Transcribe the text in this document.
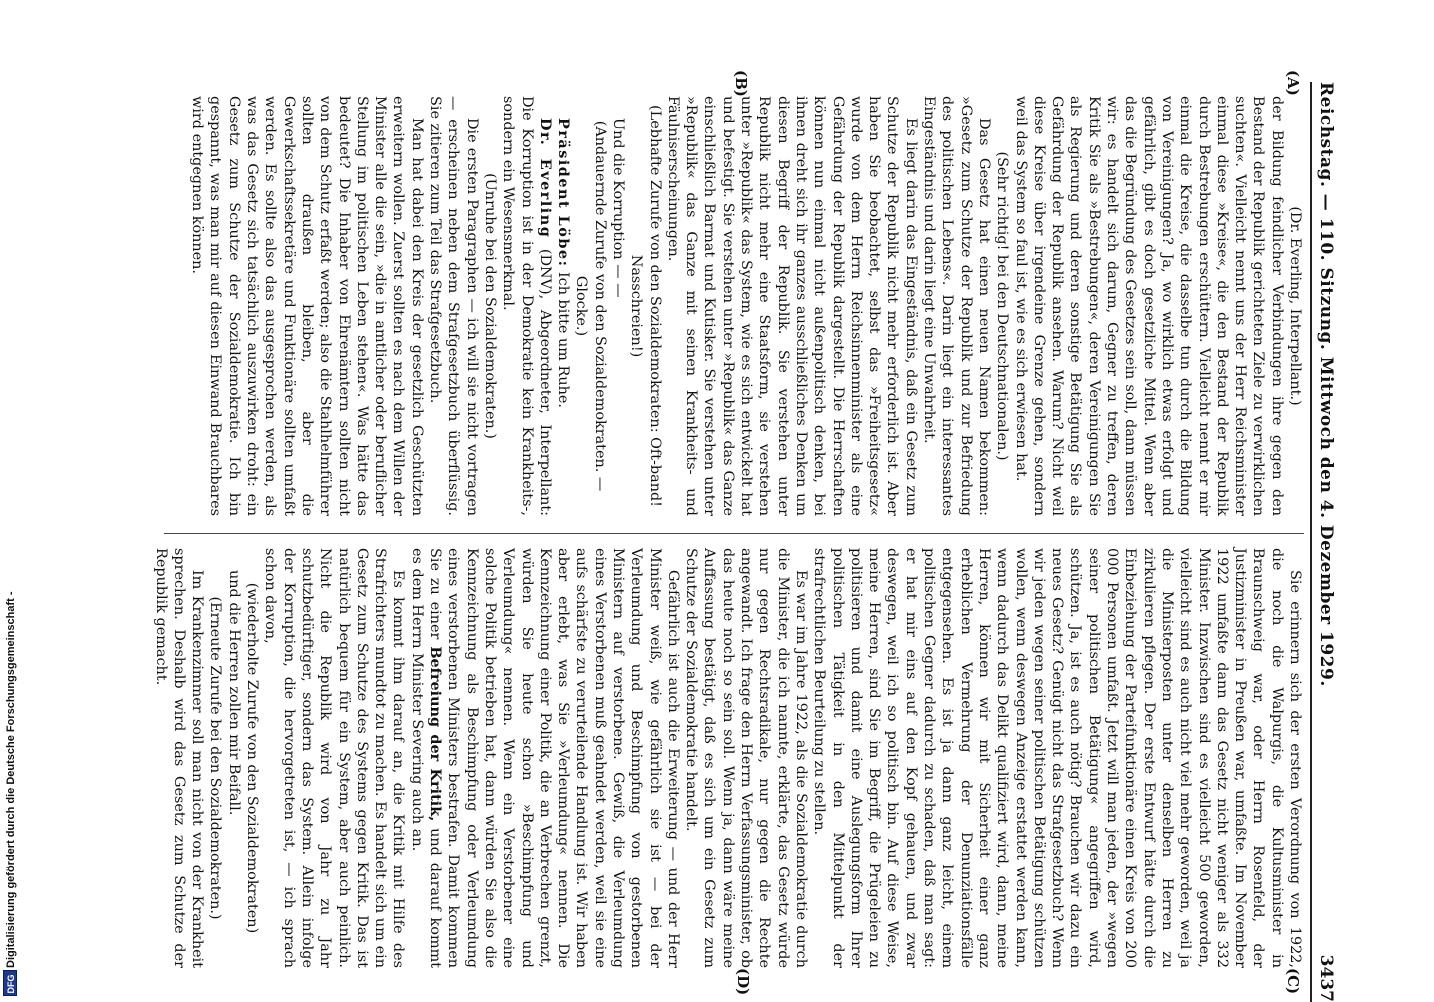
Digitalisierung gefördert durch die Deutsche Forschungsgemeinschaft -
DFG
Reichstag. — 110. Sitzung. Mittwoch den 4. Dezember 1929.
3437
(A)
(B)
(C)
(D)

(Dr. Everling, Interpellant.)

der Bildung feindlicher Verbindungen ihre gegen den Bestand der Republik gerichteten Ziele zu verwirklichen suchten«. Vielleicht nennt uns der Herr Reichsminister einmal diese »Kreise«, die den Bestand der Republik durch Bestrebungen erschüttern. Vielleicht nennt er mir einmal die Kreise, die dasselbe tun durch die Bildung von Vereinigungen? Ja, wo wirklich etwas erfolgt und gefährlich, gibt es doch gesetzliche Mittel. Wenn aber das die Begründung des Gesetzes sein soll, dann müssen wir: es handelt sich darum, Gegner zu treffen, deren Kritik Sie als »Bestrebungen«, deren Vereinigungen Sie als Regierung und deren sonstige Betätigung Sie als Gefährdung der Republik ansehen. Warum? Nicht weil diese Kreise über irgendeine Grenze gehen, sondern weil das System so faul ist, wie es sich erwiesen hat.

(Sehr richtig! bei den Deutschnationalen.)

Das Gesetz hat einen neuen Namen bekommen: »Gesetz zum Schutze der Republik und zur Befriedung des politischen Lebens«. Darin liegt ein interessantes Eingeständnis und darin liegt eine Unwahrheit.

Es liegt darin das Eingeständnis, daß ein Gesetz zum Schutze der Republik nicht mehr erforderlich ist. Aber haben Sie beobachtet, selbst das »Freiheitsgesetz« wurde von dem Herrn Reichsinnenminister als eine Gefährdung der Republik dargestellt. Die Herrschaften können nun einmal nicht außenpolitisch denken, bei ihnen dreht sich ihr ganzes ausschließliches Denken um diesen Begriff der Republik. Sie verstehen unter Republik nicht mehr eine Staatsform, sie verstehen unter »Republik« das System, wie es sich entwickelt hat und befestigt. Sie verstehen unter »Republik« das Ganze einschließlich Barmat und Kutisker. Sie verstehen unter »Republik« das Ganze mit seinen Krankheits- und Fäulniserscheinungen.

(Lebhafte Zurufe von den Sozialdemokraten: Oft-band! Nasschreien!)

Und die Korruption — —

(Andauernde Zurufe von den Sozialdemokraten. — Glocke.)

Präsident Löbe: Ich bitte um Ruhe.

Dr. Everling (DNV), Abgeordneter, Interpellant: Die Korruption ist in der Demokratie kein Krankheits-, sondern ein Wesensmerkmal.

(Unruhe bei den Sozialdemokraten.)

Die ersten Paragraphen — ich will sie nicht vortragen — erscheinen neben dem Strafgesetzbuch überflüssig. Sie zitieren zum Teil das Strafgesetzbuch.

Man hat dabei den Kreis der gesetzlich Geschützten erweitern wollen. Zuerst sollten es nach dem Willen der Minister alle die sein, »die in amtlicher oder beruflicher Stellung im politischen Leben stehen«. Was hätte das bedeutet? Die Inhaber von Ehrenämtern sollten nicht von dem Schutz erfaßt werden; also die Stahlhelmführer sollten draußen bleiben, aber die Gewerkschaftssekretäre und Funktionäre sollten umfaßt werden. Es sollte also das ausgesprochen werden, als was das Gesetz sich tatsächlich auszuwirken droht: ein Gesetz zum Schutze der Sozialdemokratie. Ich bin gespannt, was man mir auf diesen Einwand Brauchbares wird entgegnen können.

Sie erinnern sich der ersten Verordnung von 1922, die noch die Walpurgis, die Kultusminister in Braunschweig war, oder Herrn Rosenfeld, der Justizminister in Preußen war, umfaßte. Im November 1922 umfaßte dann das Gesetz nicht weniger als 332 Minister. Inzwischen sind es vielleicht 500 geworden, vielleicht sind es auch nicht viel mehr geworden, weil ja die Ministerposten unter denselben Herren zu zirkulieren pflegen. Der erste Entwurf hätte durch die Einbeziehung der Parteifunktionäre einen Kreis von 200 000 Personen umfaßt. Jetzt will man jeden, der »wegen seiner politischen Betätigung« angegriffen wird, schützen. Ja, ist es auch nötig? Brauchen wir dazu ein neues Gesetz? Genügt nicht das Strafgesetzbuch? Wenn wir jeden wegen seiner politischen Betätigung schützen wollen, wenn deswegen Anzeige erstattet werden kann, wenn dadurch das Delikt qualifiziert wird, dann, meine Herren, können wir mit Sicherheit einer ganz erheblichen Vermehrung der Denunziationsfälle entgegensehen. Es ist ja dann ganz leicht, einem politischen Gegner dadurch zu schaden, daß man sagt: er hat mir eins auf den Kopf gehauen, und zwar deswegen, weil ich so politisch bin. Auf diese Weise, meine Herren, sind Sie im Begriff, die Prügeleien zu politisieren und damit eine Auslegungsform Ihrer politischen Tätigkeit in den Mittelpunkt der strafrechtlichen Beurteilung zu stellen.

Es war im Jahre 1922, als die Sozialdemokratie durch die Minister, die ich nannte, erklärte, das Gesetz würde nur gegen Rechtsradikale, nur gegen die Rechte angewandt. Ich frage den Herrn Verfassungsminister, ob das heute noch so sein soll. Wenn ja, dann wäre meine Auffassung bestätigt, daß es sich um ein Gesetz zum Schutze der Sozialdemokratie handelt.

Gefährlich ist auch die Erweiterung — und der Herr Minister weiß, wie gefährlich sie ist — bei der Verleumdung und Beschimpfung von gestorbenen Ministern auf verstorbene. Gewiß, die Verleumdung eines Verstorbenen muß geahndet werden, weil sie eine aufs schärfste zu verurteilende Handlung ist. Wir haben aber erlebt, was Sie »Verleumdung« nennen. Die Kennzeichnung einer Politik, die an Verbrechen grenzt, würden Sie heute schon »Beschimpfung und Verleumdung« nennen. Wenn ein Verstorbener eine solche Politik betrieben hat, dann würden Sie also die Kennzeichnung als Beschimpfung oder Verleumdung eines verstorbenen Ministers bestrafen. Damit kommen Sie zu einer Befreiung der Kritik, und darauf kommt es dem Herrn Minister Severing auch an.

Es kommt ihm darauf an, die Kritik mit Hilfe des Strafrichters mundtot zu machen. Es handelt sich um ein Gesetz zum Schutze des Systems gegen Kritik. Das ist natürlich bequem für ein System, aber auch peinlich. Nicht die Republik wird von Jahr zu Jahr schutzbedürftiger, sondern das System. Allein infolge der Korruption, die hervorgetreten ist, — ich sprach schon davon,

(wiederholte Zurufe von den Sozialdemokraten)

und die Herren zollen mir Beifall.

(Erneute Zurufe bei den Sozialdemokraten.)

Im Krankenzimmer soll man nicht von der Krankheit sprechen. Deshalb wird das Gesetz zum Schutze der Republik gemacht.
